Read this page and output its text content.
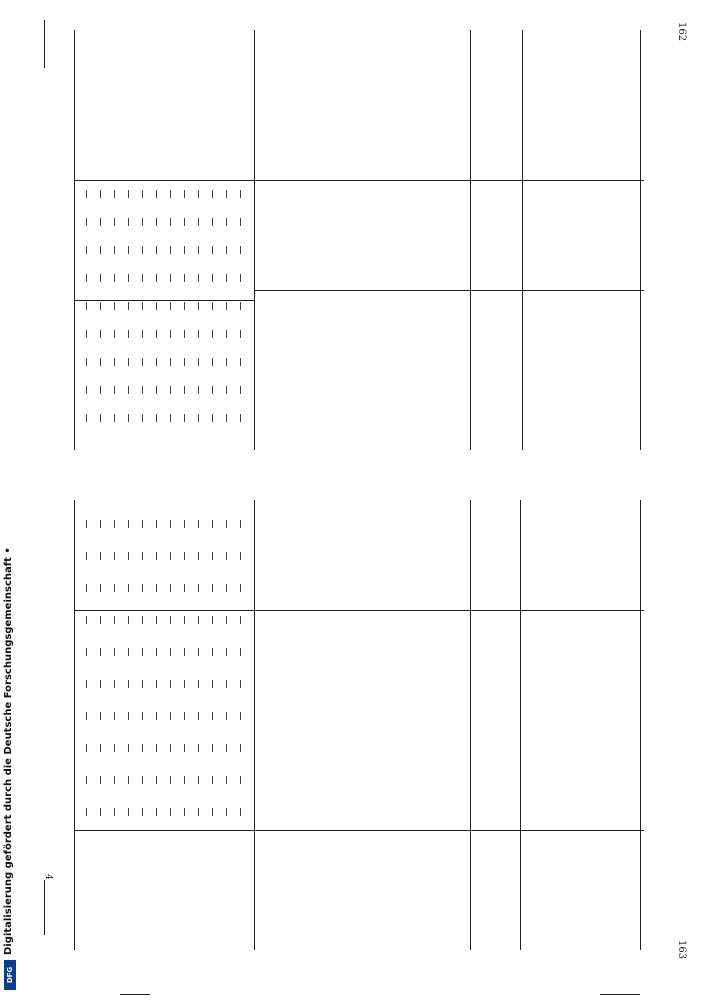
Digitalisierung gefördert durch die Deutsche Forschungsgemeinschaft •
DFG
162
163
4
